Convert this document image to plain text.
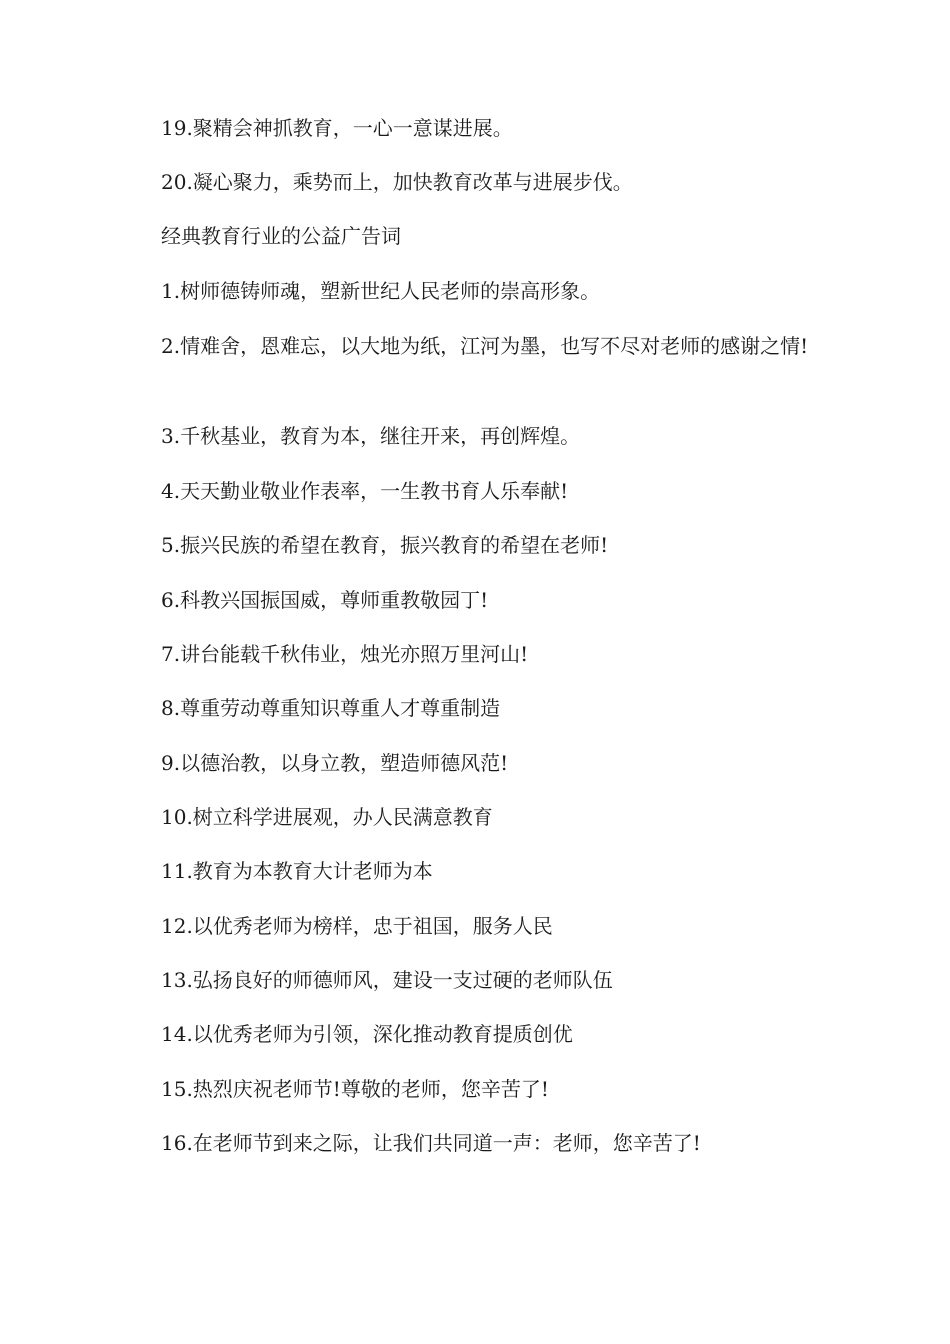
19.聚精会神抓教育，一心一意谋进展。

20.凝心聚力，乘势而上，加快教育改革与进展步伐。

经典教育行业的公益广告词

1.树师德铸师魂，塑新世纪人民老师的崇高形象。

2.情难舍，恩难忘，以大地为纸，江河为墨，也写不尽对老师的感谢之情!

3.千秋基业，教育为本，继往开来，再创辉煌。

4.天天勤业敬业作表率，一生教书育人乐奉献!

5.振兴民族的希望在教育，振兴教育的希望在老师!

6.科教兴国振国威，尊师重教敬园丁!

7.讲台能载千秋伟业，烛光亦照万里河山!

8.尊重劳动尊重知识尊重人才尊重制造

9.以德治教，以身立教，塑造师德风范!

10.树立科学进展观，办人民满意教育

11.教育为本教育大计老师为本

12.以优秀老师为榜样，忠于祖国，服务人民

13.弘扬良好的师德师风，建设一支过硬的老师队伍

14.以优秀老师为引领，深化推动教育提质创优

15.热烈庆祝老师节!尊敬的老师，您辛苦了!

16.在老师节到来之际，让我们共同道一声：老师，您辛苦了!
